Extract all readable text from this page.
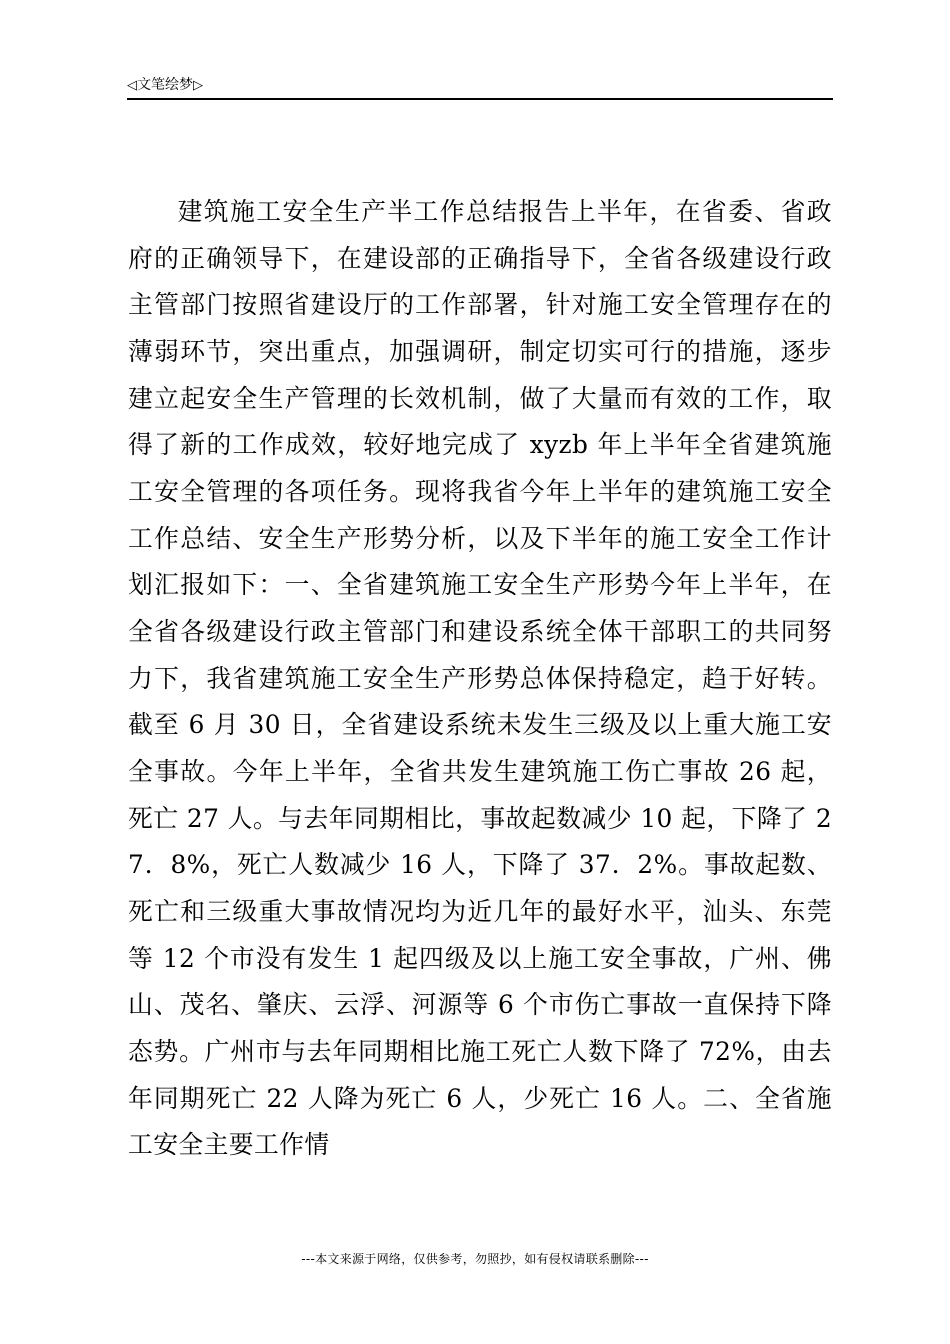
◁文笔绘梦▷

建筑施工安全生产半工作总结报告上半年，在省委、省政府的正确领导下，在建设部的正确指导下，全省各级建设行政主管部门按照省建设厅的工作部署，针对施工安全管理存在的薄弱环节，突出重点，加强调研，制定切实可行的措施，逐步建立起安全生产管理的长效机制，做了大量而有效的工作，取得了新的工作成效，较好地完成了 xyzb 年上半年全省建筑施工安全管理的各项任务。现将我省今年上半年的建筑施工安全工作总结、安全生产形势分析，以及下半年的施工安全工作计划汇报如下：一、全省建筑施工安全生产形势今年上半年，在全省各级建设行政主管部门和建设系统全体干部职工的共同努力下，我省建筑施工安全生产形势总体保持稳定，趋于好转。截至 6 月 30 日，全省建设系统未发生三级及以上重大施工安全事故。今年上半年，全省共发生建筑施工伤亡事故 26 起，死亡 27 人。与去年同期相比，事故起数减少 10 起，下降了 27．8%，死亡人数减少 16 人，下降了 37．2%。事故起数、死亡和三级重大事故情况均为近几年的最好水平，汕头、东莞等 12 个市没有发生 1 起四级及以上施工安全事故，广州、佛山、茂名、肇庆、云浮、河源等 6 个市伤亡事故一直保持下降态势。广州市与去年同期相比施工死亡人数下降了 72%，由去年同期死亡 22 人降为死亡 6 人，少死亡 16 人。二、全省施工安全主要工作情

---本文来源于网络，仅供参考，勿照抄，如有侵权请联系删除---
